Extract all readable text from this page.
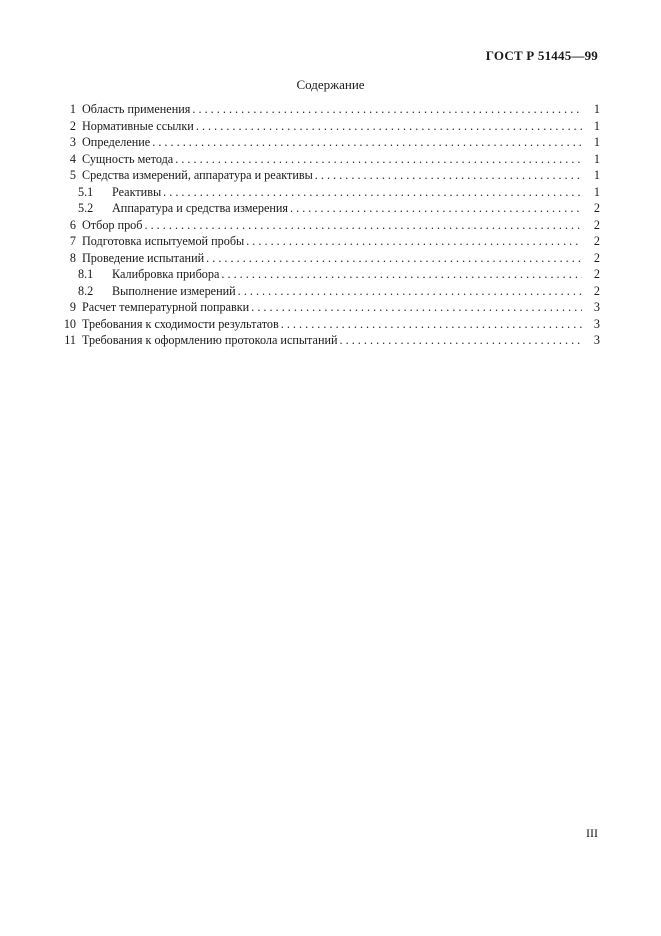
ГОСТ Р 51445—99
Содержание
1 Область применения . . .	1
2 Нормативные ссылки . . .	1
3 Определение . . .	1
4 Сущность метода . . .	1
5 Средства измерений, аппаратура и реактивы . . .	1
5.1	Реактивы . . .	1
5.2	Аппаратура и средства измерения . . .	2
6 Отбор проб . . .	2
7 Подготовка испытуемой пробы . . .	2
8 Проведение испытаний . . .	2
8.1	Калибровка прибора . . .	2
8.2	Выполнение измерений . . .	2
9 Расчет температурной поправки . . .	3
10 Требования к сходимости результатов . . .	3
11 Требования к оформлению протокола испытаний . . .	3
III
